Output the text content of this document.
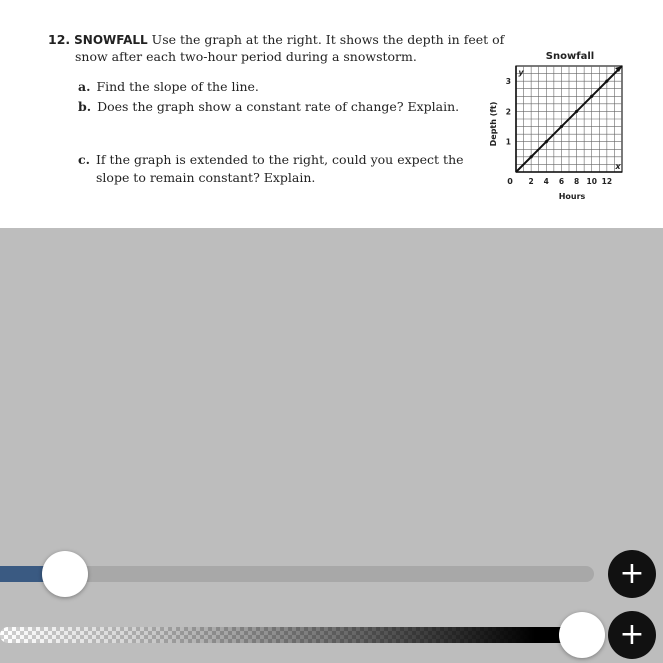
12. SNOWFALL Use the graph at the right. It shows the depth in feet of
snow after each two-hour period during a snowstorm.
a. Find the slope of the line.
b. Does the graph show a constant rate of change? Explain.
c. If the graph is extended to the right, could you expect the
slope to remain constant? Explain.
Snowfall
Hours
Depth (ft)
0 2 4 6 8 10 12
1
2
3
x
y
+
+
